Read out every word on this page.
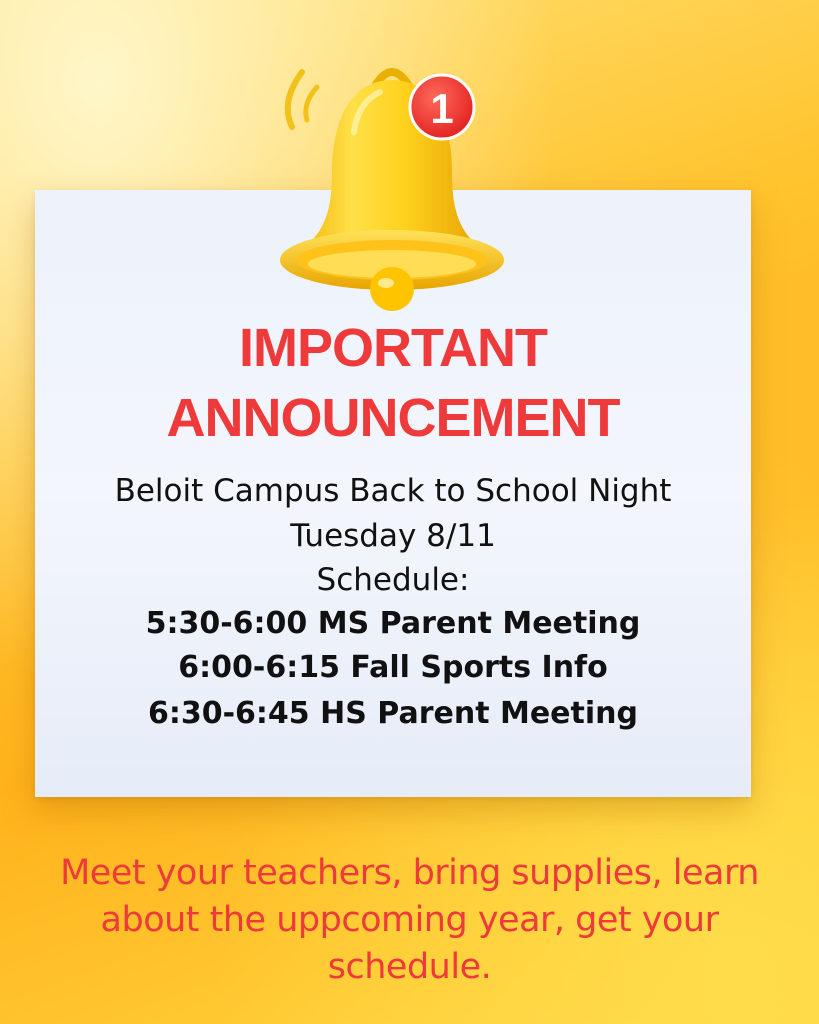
1
IMPORTANT
ANNOUNCEMENT
Beloit Campus Back to School Night
Tuesday 8/11
Schedule:
5:30-6:00 MS Parent Meeting
6:00-6:15 Fall Sports Info
6:30-6:45 HS Parent Meeting
Meet your teachers, bring supplies, learn
about the uppcoming year, get your
schedule.
